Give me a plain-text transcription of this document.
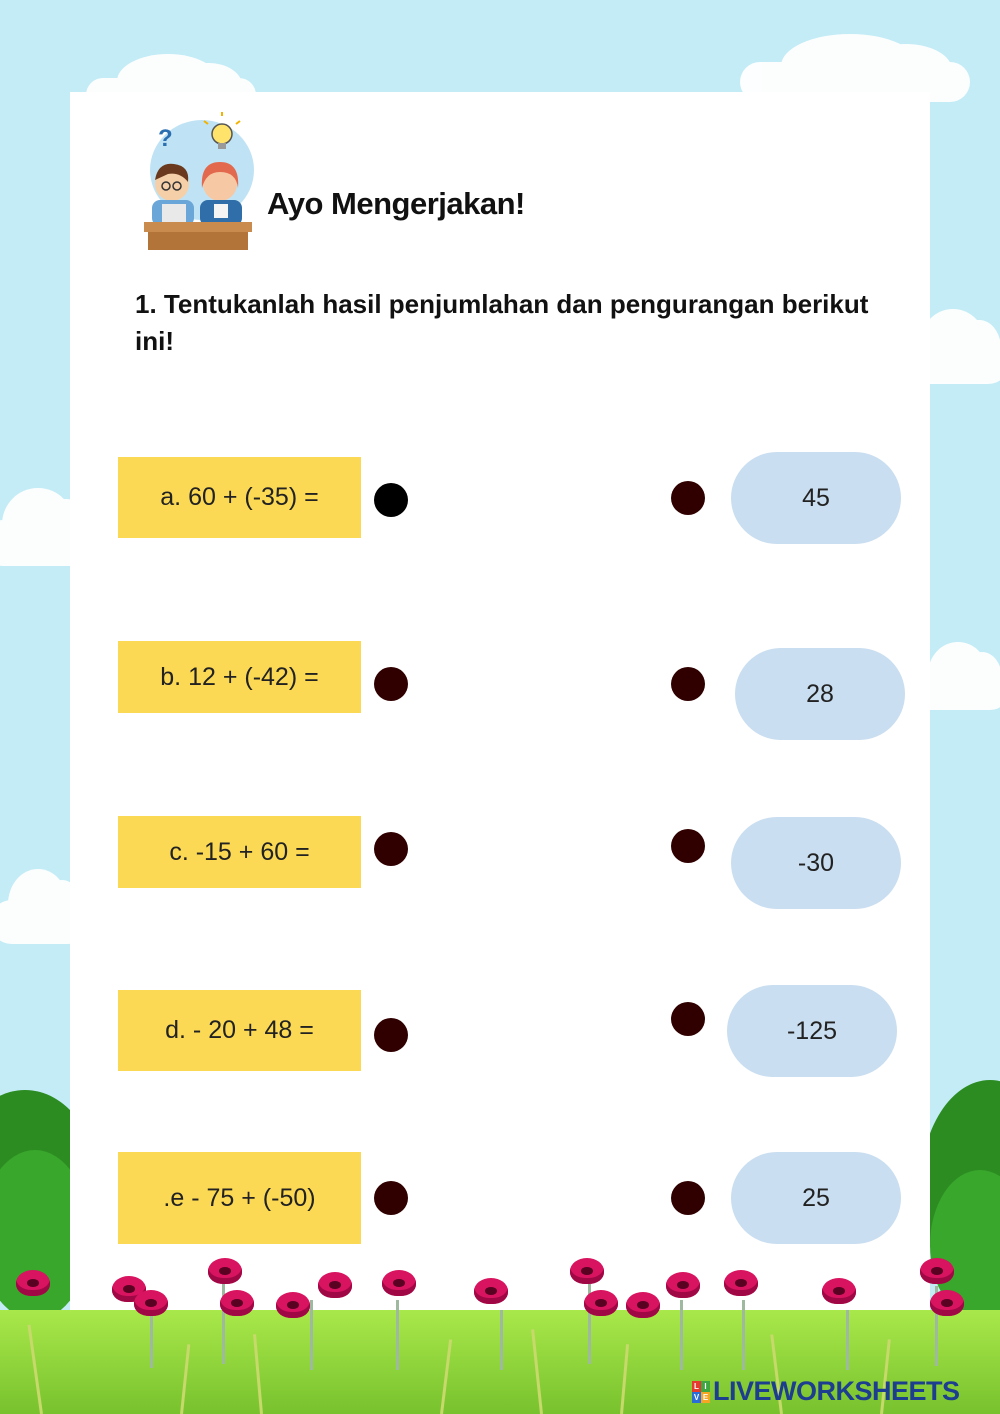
?
Ayo Mengerjakan!
1. Tentukanlah hasil penjumlahan dan pengurangan berikut ini!
a. 60 + (-35) =
b. 12 + (-42) =
c. -15 + 60 =
d. - 20 + 48 =
.e - 75 + (-50)
45
28
-30
-125
25
L I
V E LIVEWORKSHEETS
